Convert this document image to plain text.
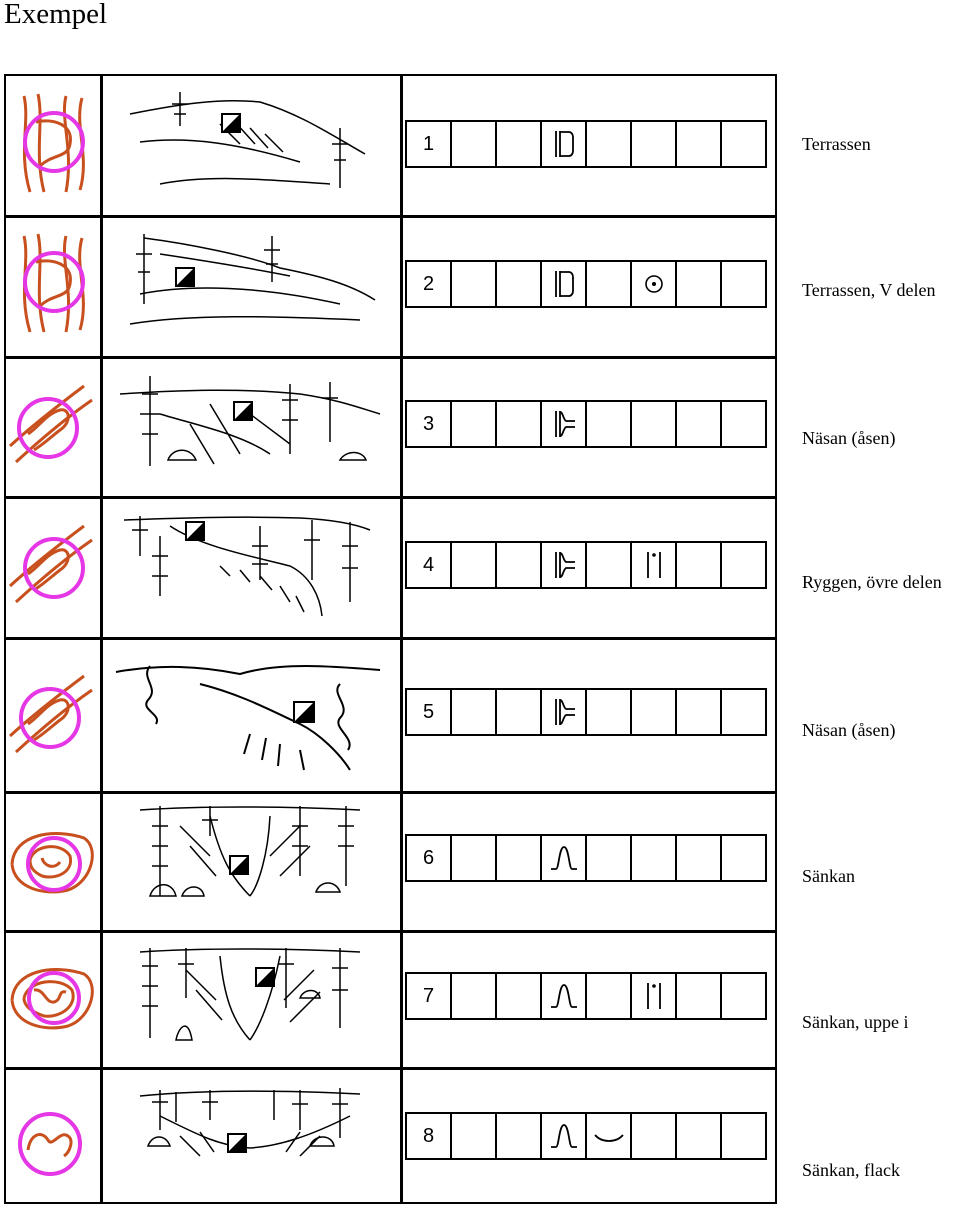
Exempel
1	Terrassen
2	Terrassen, V delen
3
Näsan (åsen)
4
Ryggen, övre delen
5
Näsan (åsen)
6
Sänkan
7
Sänkan, uppe i
8
Sänkan, flack
